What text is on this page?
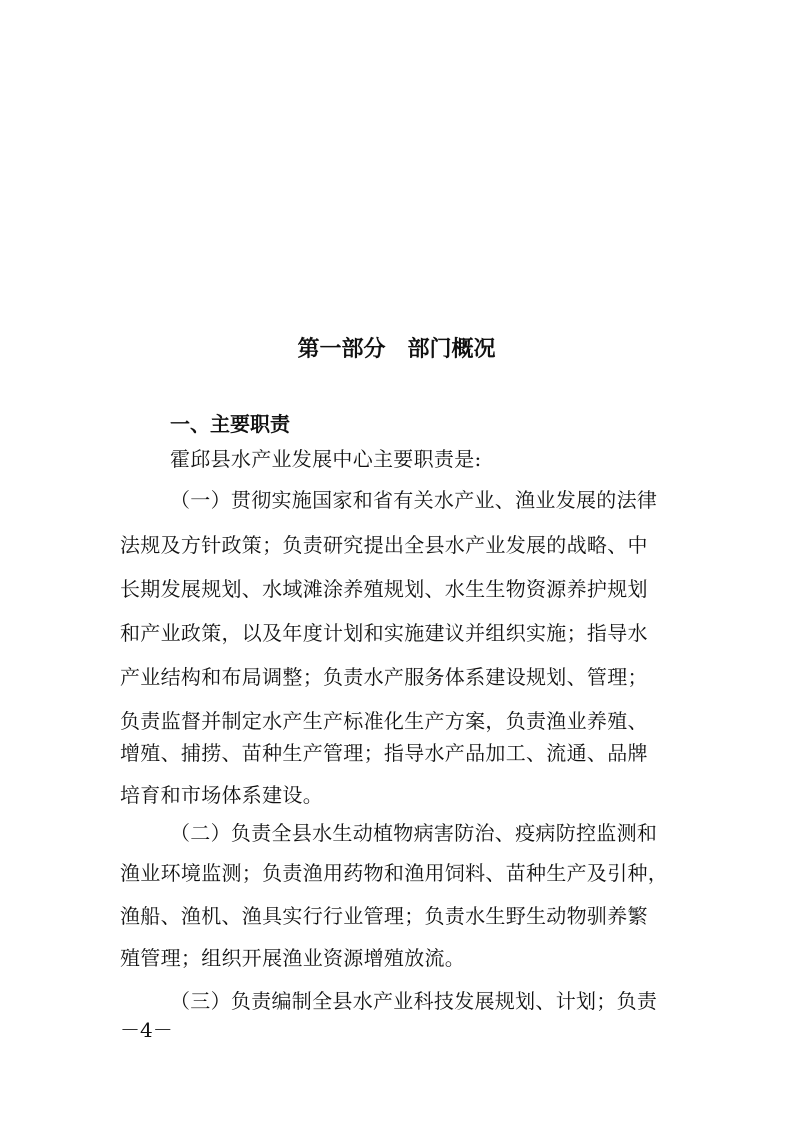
第一部分　部门概况
一、主要职责
霍邱县水产业发展中心主要职责是:
（一）贯彻实施国家和省有关水产业、渔业发展的法律
法规及方针政策；负责研究提出全县水产业发展的战略、中
长期发展规划、水域滩涂养殖规划、水生生物资源养护规划
和产业政策，以及年度计划和实施建议并组织实施；指导水
产业结构和布局调整；负责水产服务体系建设规划、管理；
负责监督并制定水产生产标准化生产方案，负责渔业养殖、
增殖、捕捞、苗种生产管理；指导水产品加工、流通、品牌
培育和市场体系建设。
（二）负责全县水生动植物病害防治、疫病防控监测和
渔业环境监测；负责渔用药物和渔用饲料、苗种生产及引种，
渔船、渔机、渔具实行行业管理；负责水生野生动物驯养繁
殖管理；组织开展渔业资源增殖放流。
（三）负责编制全县水产业科技发展规划、计划；负责
－4－
